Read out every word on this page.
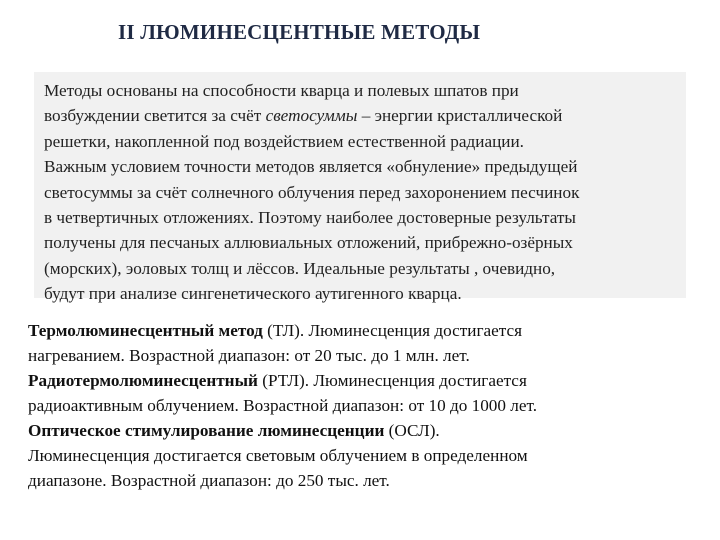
II ЛЮМИНЕСЦЕНТНЫЕ МЕТОДЫ
Методы основаны на способности кварца и полевых шпатов при
возбуждении светится за счёт светосуммы – энергии кристаллической
решетки, накопленной под воздействием естественной радиации.
Важным условием точности методов является «обнуление» предыдущей
светосуммы за счёт солнечного облучения перед захоронением песчинок
в четвертичных отложениях. Поэтому наиболее достоверные результаты
получены для песчаных аллювиальных отложений, прибрежно-озёрных
(морских), эоловых толщ и лёссов. Идеальные результаты , очевидно,
будут при анализе сингенетического аутигенного кварца.
Термолюминесцентный метод (ТЛ). Люминесценция достигается
нагреванием. Возрастной диапазон: от 20 тыс. до 1 млн. лет.
Радиотермолюминесцентный (РТЛ). Люминесценция достигается
радиоактивным облучением. Возрастной диапазон: от 10 до 1000 лет.
Оптическое стимулирование люминесценции (ОСЛ).
Люминесценция достигается световым облучением в определенном
диапазоне. Возрастной диапазон: до 250 тыс. лет.
